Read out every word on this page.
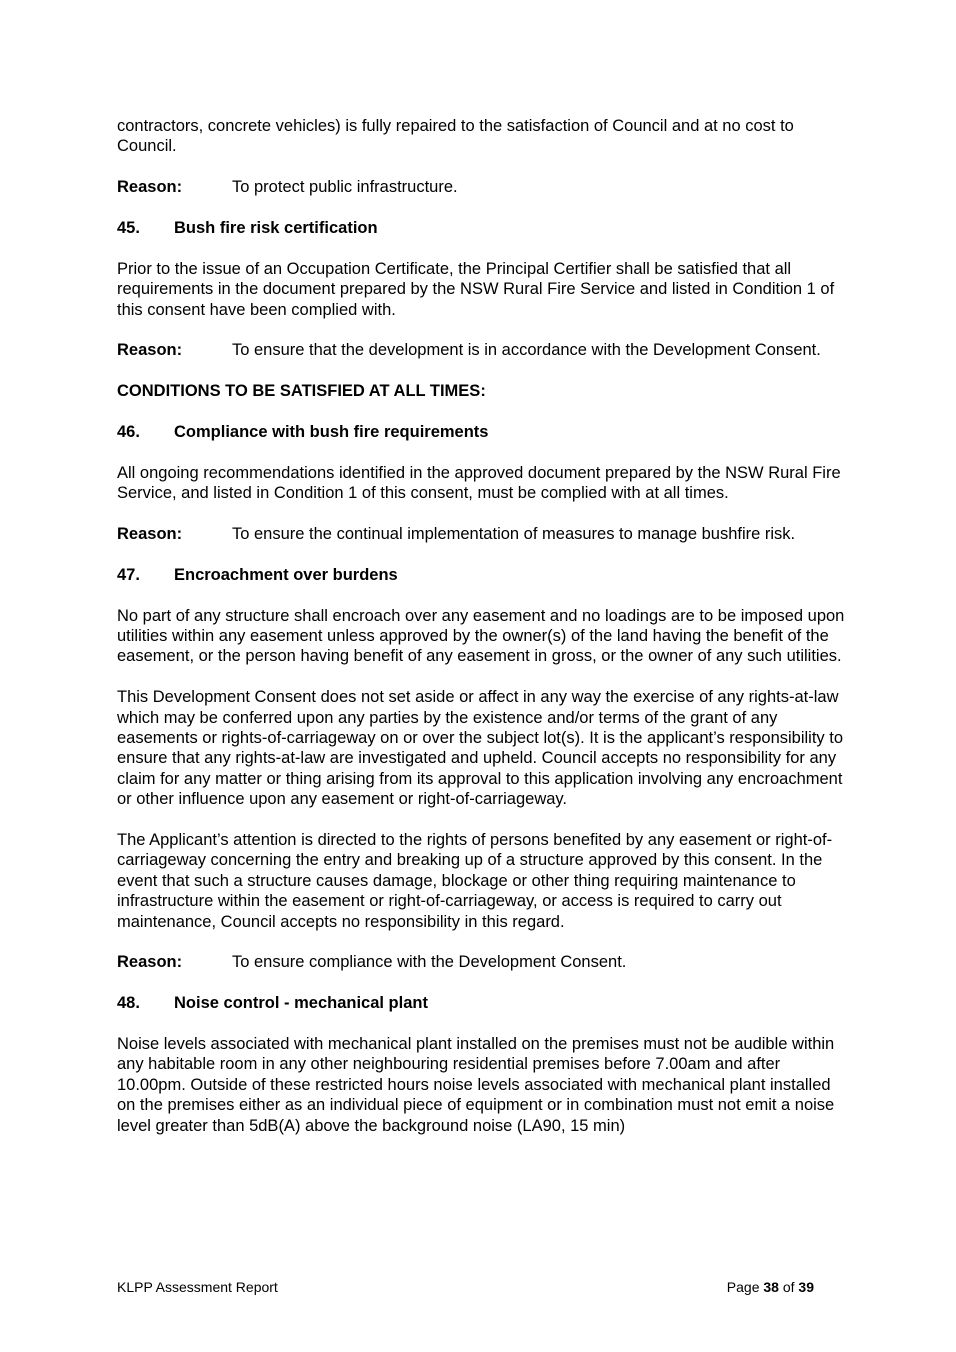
contractors, concrete vehicles) is fully repaired to the satisfaction of Council and at no cost to Council.

Reason:	To protect public infrastructure.
45.	Bush fire risk certification

Prior to the issue of an Occupation Certificate, the Principal Certifier shall be satisfied that all requirements in the document prepared by the NSW Rural Fire Service and listed in Condition 1 of this consent have been complied with.

Reason:	To ensure that the development is in accordance with the Development Consent.

CONDITIONS TO BE SATISFIED AT ALL TIMES:

46.	Compliance with bush fire requirements

All ongoing recommendations identified in the approved document prepared by the NSW Rural Fire Service, and listed in Condition 1 of this consent, must be complied with at all times.

Reason:	To ensure the continual implementation of measures to manage bushfire risk.
47.	Encroachment over burdens

No part of any structure shall encroach over any easement and no loadings are to be imposed upon utilities within any easement unless approved by the owner(s) of the land having the benefit of the easement, or the person having benefit of any easement in gross, or the owner of any such utilities.

This Development Consent does not set aside or affect in any way the exercise of any rights-at-law which may be conferred upon any parties by the existence and/or terms of the grant of any easements or rights-of-carriageway on or over the subject lot(s). It is the applicant’s responsibility to ensure that any rights-at-law are investigated and upheld. Council accepts no responsibility for any claim for any matter or thing arising from its approval to this application involving any encroachment or other influence upon any easement or right-of-carriageway.

The Applicant’s attention is directed to the rights of persons benefited by any easement or right-of-carriageway concerning the entry and breaking up of a structure approved by this consent. In the event that such a structure causes damage, blockage or other thing requiring maintenance to infrastructure within the easement or right-of-carriageway, or access is required to carry out maintenance, Council accepts no responsibility in this regard.

Reason:	To ensure compliance with the Development Consent.
48.	Noise control - mechanical plant

Noise levels associated with mechanical plant installed on the premises must not be audible within any habitable room in any other neighbouring residential premises before 7.00am and after 10.00pm. Outside of these restricted hours noise levels associated with mechanical plant installed on the premises either as an individual piece of equipment or in combination must not emit a noise level greater than 5dB(A) above the background noise (LA90, 15 min)

KLPP Assessment Report	Page 38 of 39
